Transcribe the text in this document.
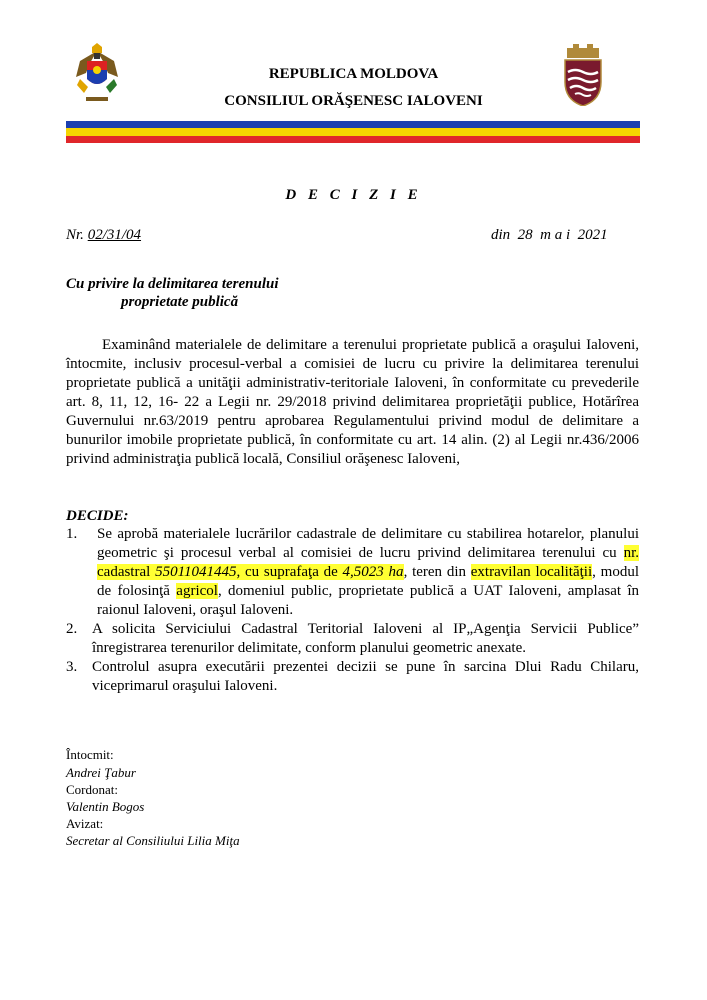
REPUBLICA MOLDOVA
CONSILIUL ORĂŞENESC IALOVENI
D E C I Z I E
Nr. 02/31/04	din  28  m a i  2021
Cu privire la delimitarea terenului
proprietate publică
Examinând materialele de delimitare a terenului proprietate publică a oraşului Ialoveni, întocmite, inclusiv procesul-verbal a comisiei de lucru cu privire la delimitarea terenului proprietate publică a unităţii administrativ-teritoriale Ialoveni, în conformitate cu prevederile art. 8, 11, 12, 16- 22 a Legii nr. 29/2018 privind delimitarea proprietăţii publice, Hotărîrea Guvernului nr.63/2019 pentru aprobarea Regulamentului privind modul de delimitare a bunurilor imobile proprietate publică, în conformitate cu art. 14 alin. (2) al Legii nr.436/2006 privind administraţia publică locală, Consiliul orăşenesc Ialoveni,
DECIDE:
1. Se aprobă materialele lucrărilor cadastrale de delimitare cu stabilirea hotarelor, planului geometric şi procesul verbal al comisiei de lucru privind delimitarea terenului cu nr. cadastral 55011041445, cu suprafaţa de 4,5023 ha, teren din extravilan localităţii, modul de folosinţă agricol, domeniul public, proprietate publică a UAT Ialoveni, amplasat în raionul Ialoveni, oraşul Ialoveni.
2. A solicita Serviciului Cadastral Teritorial Ialoveni al IP„Agenţia Servicii Publice” înregistrarea terenurilor delimitate, conform planului geometric anexate.
3. Controlul asupra executării prezentei decizii se pune în sarcina Dlui Radu Chilaru, viceprimarul oraşului Ialoveni.
Întocmit:
Andrei Ţabur
Cordonat:
Valentin Bogos
Avizat:
Secretar al Consiliului Lilia Miţa
